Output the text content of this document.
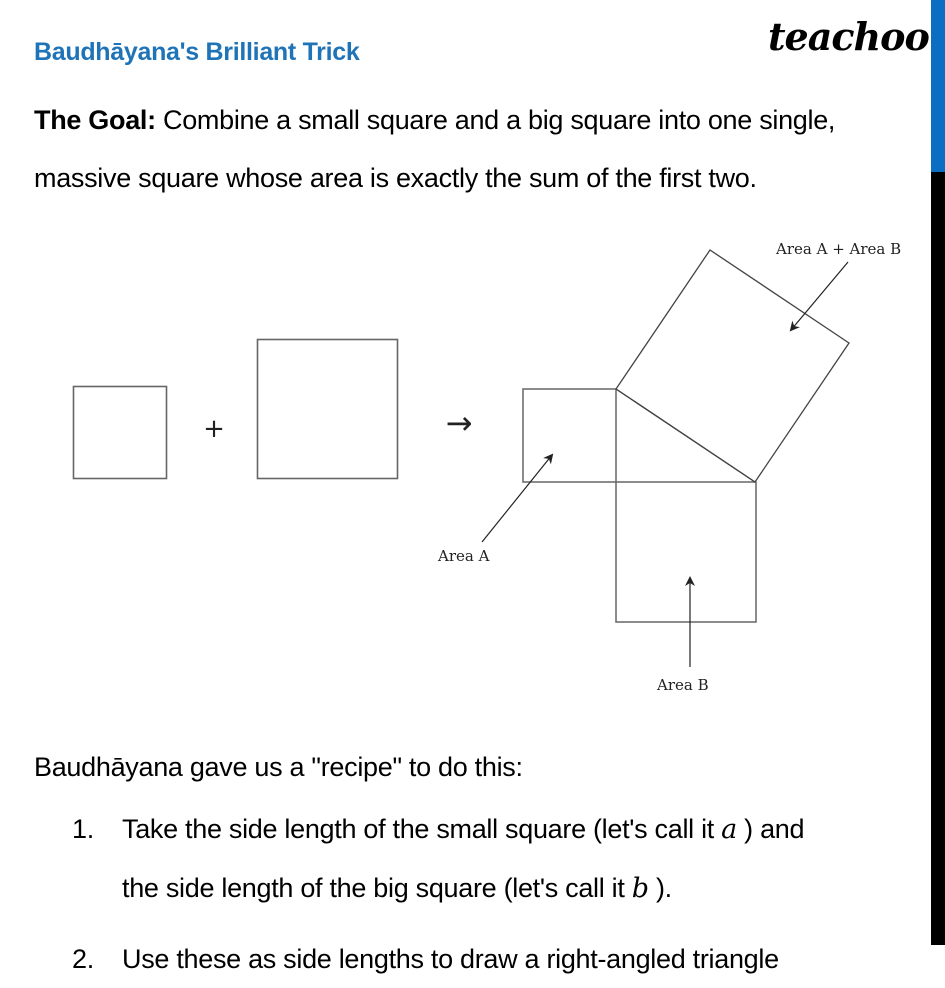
Baudhāyana's Brilliant Trick	teachoo
The Goal: Combine a small square and a big square into one single,
massive square whose area is exactly the sum of the first two.
+	→
Area A
Area B
Area A + Area B
Baudhāyana gave us a "recipe" to do this:
1.	Take the side length of the small square (let's call it a ) and
the side length of the big square (let's call it b ).
2.	Use these as side lengths to draw a right-angled triangle
